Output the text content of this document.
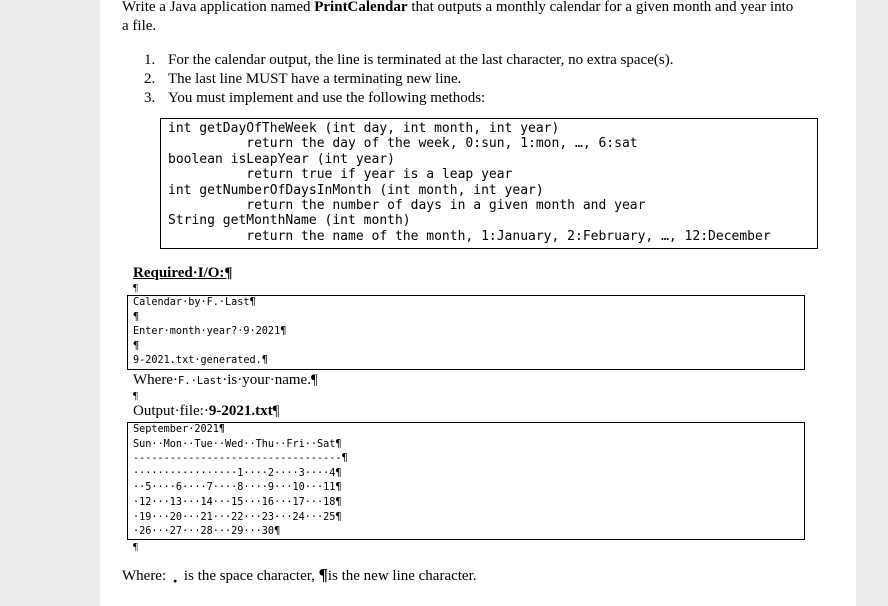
Write a Java application named PrintCalendar that outputs a monthly calendar for a given month and year into
a file.
1. For the calendar output, the line is terminated at the last character, no extra space(s).
2. The last line MUST have a terminating new line.
3. You must implement and use the following methods:
int getDayOfTheWeek (int day, int month, int year)
return the day of the week, 0:sun, 1:mon, …, 6:sat
boolean isLeapYear (int year)
return true if year is a leap year
int getNumberOfDaysInMonth (int month, int year)
return the number of days in a given month and year
String getMonthName (int month)
return the name of the month, 1:January, 2:February, …, 12:December
Required·I/O:¶
¶
Calendar·by·F.·Last¶
¶
Enter·month·year?·9·2021¶
¶
9-2021.txt·generated.¶
Where·F.·Last·is·your·name.¶
¶
Output·file:·9-2021.txt¶
September·2021¶
Sun··Mon··Tue··Wed··Thu··Fri··Sat¶
----------------------------------¶
·················1····2····3····4¶
··5····6····7····8····9···10···11¶
·12···13···14···15···16···17···18¶
·19···20···21···22···23···24···25¶
·26···27···28···29···30¶
¶
Where: · is the space character, ¶is the new line character.
